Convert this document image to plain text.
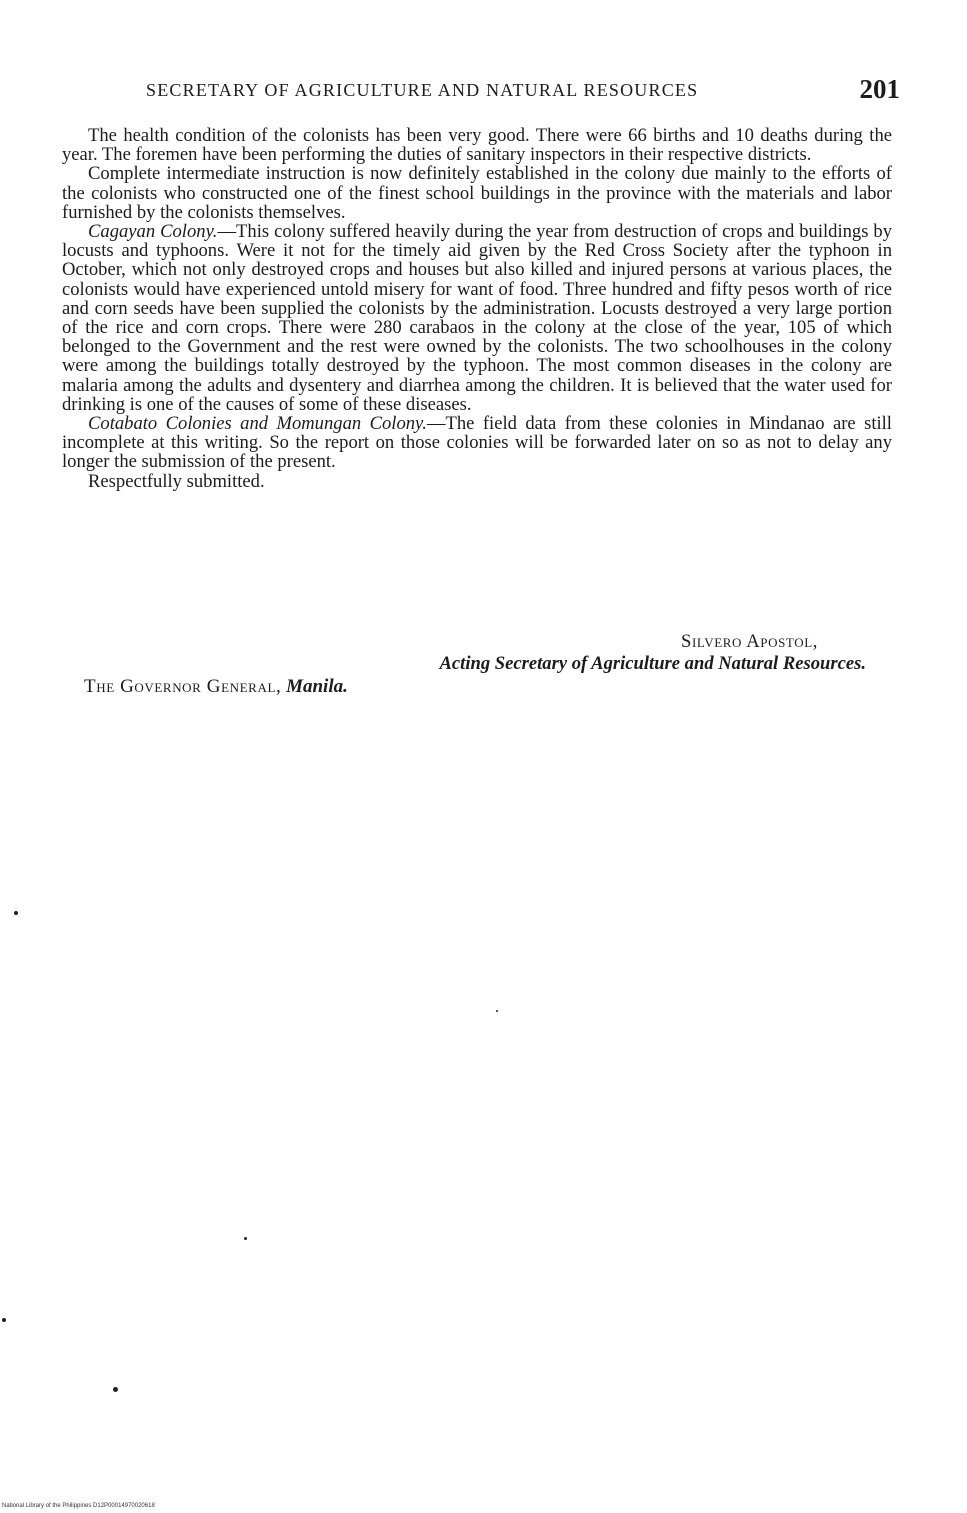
SECRETARY OF AGRICULTURE AND NATURAL RESOURCES	201

The health condition of the colonists has been very good. There were 66 births and 10 deaths during the year. The foremen have been performing the duties of sanitary inspectors in their respective districts.

Complete intermediate instruction is now definitely established in the colony due mainly to the efforts of the colonists who constructed one of the finest school buildings in the province with the materials and labor furnished by the colonists themselves.

Cagayan Colony.—This colony suffered heavily during the year from destruction of crops and buildings by locusts and typhoons. Were it not for the timely aid given by the Red Cross Society after the typhoon in October, which not only destroyed crops and houses but also killed and injured persons at various places, the colonists would have experienced untold misery for want of food. Three hundred and fifty pesos worth of rice and corn seeds have been supplied the colonists by the administration. Locusts destroyed a very large portion of the rice and corn crops. There were 280 carabaos in the colony at the close of the year, 105 of which belonged to the Government and the rest were owned by the colonists. The two schoolhouses in the colony were among the buildings totally destroyed by the typhoon. The most common diseases in the colony are malaria among the adults and dysentery and diarrhea among the children. It is believed that the water used for drinking is one of the causes of some of these diseases.

Cotabato Colonies and Momungan Colony.—The field data from these colonies in Mindanao are still incomplete at this writing. So the report on those colonies will be forwarded later on so as not to delay any longer the submission of the present.

Respectfully submitted.

Silvero Apostol,
Acting Secretary of Agriculture and Natural Resources.
The Governor General, Manila.
National Library of the Philippines D12P00014970020618
